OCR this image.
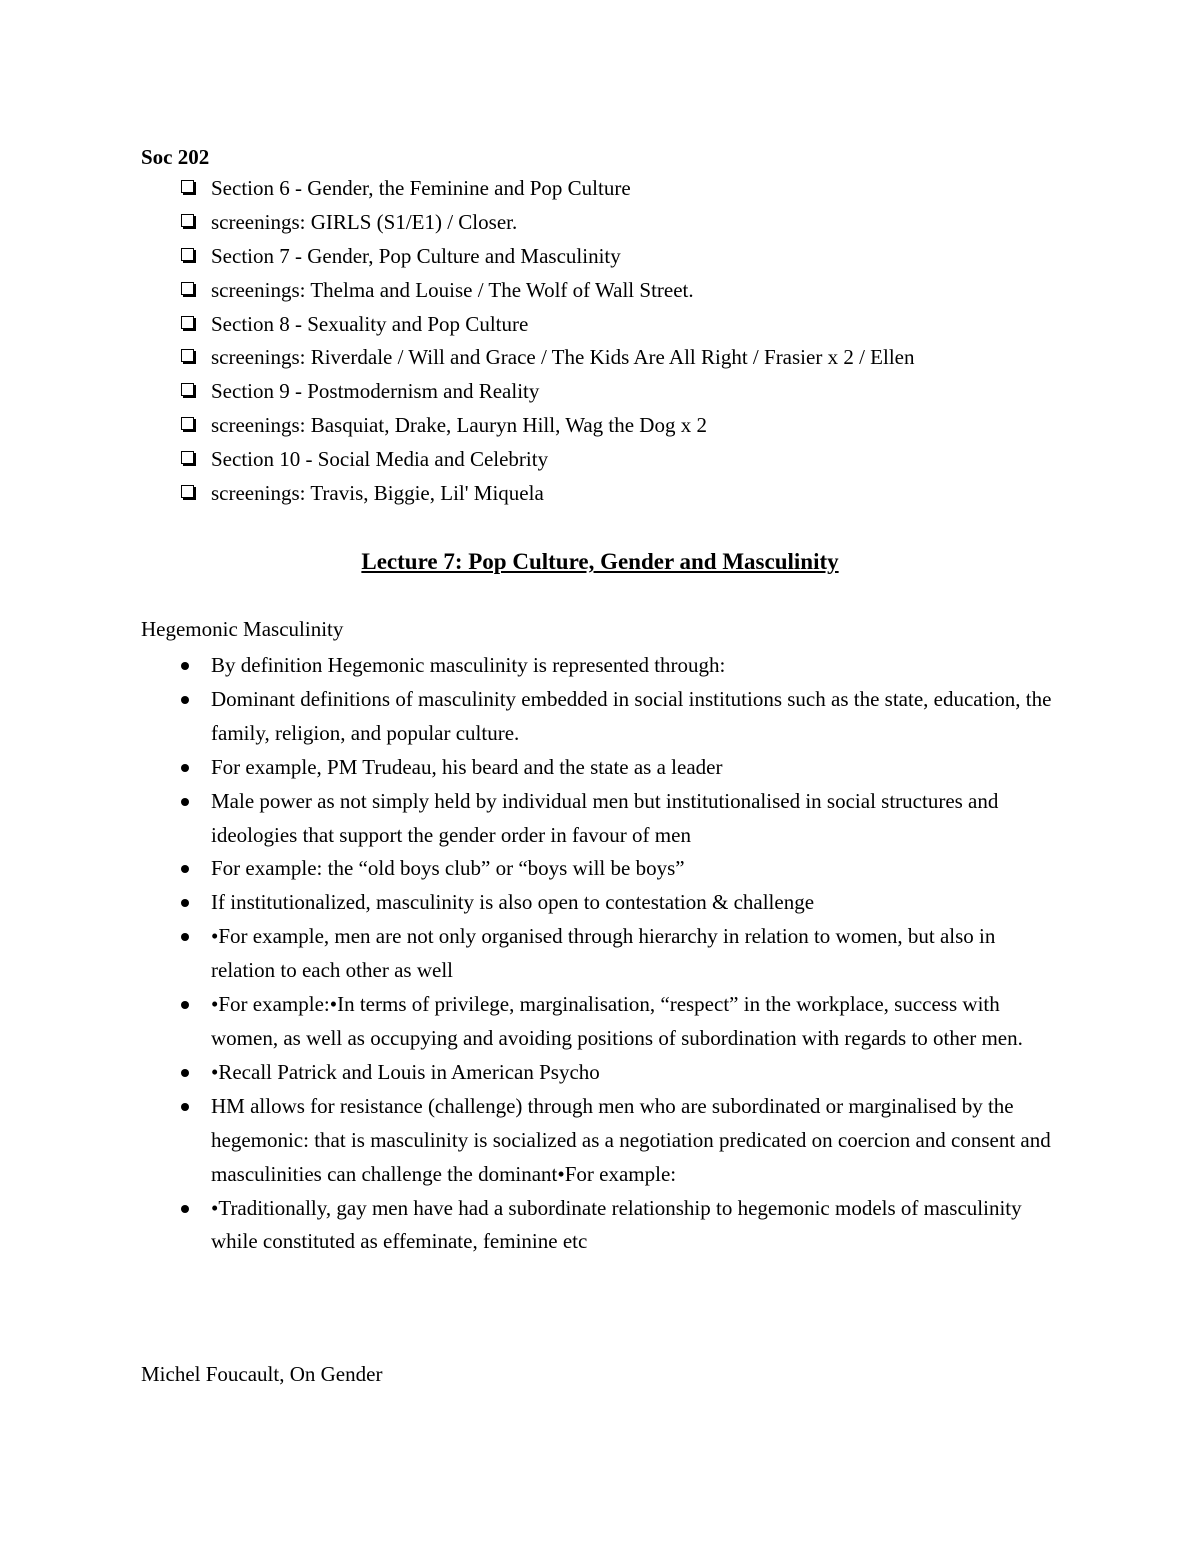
Soc 202
Section 6 - Gender, the Feminine and Pop Culture
screenings: GIRLS (S1/E1) / Closer.
Section 7 - Gender, Pop Culture and Masculinity
screenings: Thelma and Louise / The Wolf of Wall Street.
Section 8 - Sexuality and Pop Culture
screenings: Riverdale / Will and Grace / The Kids Are All Right / Frasier x 2 / Ellen
Section 9 - Postmodernism and Reality
screenings: Basquiat, Drake, Lauryn Hill, Wag the Dog x 2
Section 10 - Social Media and Celebrity
screenings: Travis, Biggie, Lil' Miquela
Lecture 7: Pop Culture, Gender and Masculinity
Hegemonic Masculinity
By definition Hegemonic masculinity is represented through:
Dominant definitions of masculinity embedded in social institutions such as the state, education, the family, religion, and popular culture.
For example, PM Trudeau, his beard and the state as a leader
Male power as not simply held by individual men but institutionalised in social structures and ideologies that support the gender order in favour of men
For example: the “old boys club” or “boys will be boys”
If institutionalized, masculinity is also open to contestation & challenge
•For example, men are not only organised through hierarchy in relation to women, but also in relation to each other as well
•For example:•In terms of privilege, marginalisation, “respect” in the workplace, success with women, as well as occupying and avoiding positions of subordination with regards to other men.
•Recall Patrick and Louis in American Psycho
HM allows for resistance (challenge) through men who are subordinated or marginalised by the hegemonic: that is masculinity is socialized as a negotiation predicated on coercion and consent and masculinities can challenge the dominant•For example:
•Traditionally, gay men have had a subordinate relationship to hegemonic models of masculinity while constituted as effeminate, feminine etc
Michel Foucault, On Gender
